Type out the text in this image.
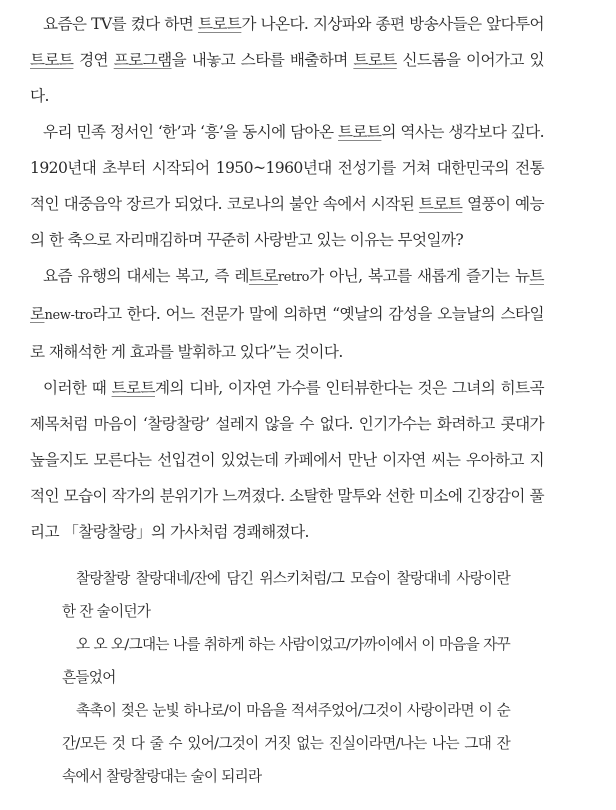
요즘은 TV를 켰다 하면 트로트가 나온다. 지상파와 종편 방송사들은 앞다투어 트로트 경연 프로그램을 내놓고 스타를 배출하며 트로트 신드롬을 이어가고 있다.

우리 민족 정서인 ‘한’과 ‘흥’을 동시에 담아온 트로트의 역사는 생각보다 깊다. 1920년대 초부터 시작되어 1950~1960년대 전성기를 거쳐 대한민국의 전통적인 대중음악 장르가 되었다. 코로나의 불안 속에서 시작된 트로트 열풍이 예능의 한 축으로 자리매김하며 꾸준히 사랑받고 있는 이유는 무엇일까?

요즘 유행의 대세는 복고, 즉 레트로retro가 아닌, 복고를 새롭게 즐기는 뉴트로new-tro라고 한다. 어느 전문가 말에 의하면 “옛날의 감성을 오늘날의 스타일로 재해석한 게 효과를 발휘하고 있다”는 것이다.

이러한 때 트로트계의 디바, 이자연 가수를 인터뷰한다는 것은 그녀의 히트곡 제목처럼 마음이 ‘찰랑찰랑’ 설레지 않을 수 없다. 인기가수는 화려하고 콧대가 높을지도 모른다는 선입견이 있었는데 카페에서 만난 이자연 씨는 우아하고 지적인 모습이 작가의 분위기가 느껴졌다. 소탈한 말투와 선한 미소에 긴장감이 풀리고 「찰랑찰랑」의 가사처럼 경쾌해졌다.

찰랑찰랑 찰랑대네/잔에 담긴 위스키처럼/그 모습이 찰랑대네 사랑이란 한 잔 술이던가

오 오 오/그대는 나를 취하게 하는 사람이었고/가까이에서 이 마음을 자꾸 흔들었어

촉촉이 젖은 눈빛 하나로/이 마음을 적셔주었어/그것이 사랑이라면 이 순간/모든 것 다 줄 수 있어/그것이 거짓 없는 진실이라면/나는 나는 그대 잔 속에서 찰랑찰랑대는 술이 되리라
